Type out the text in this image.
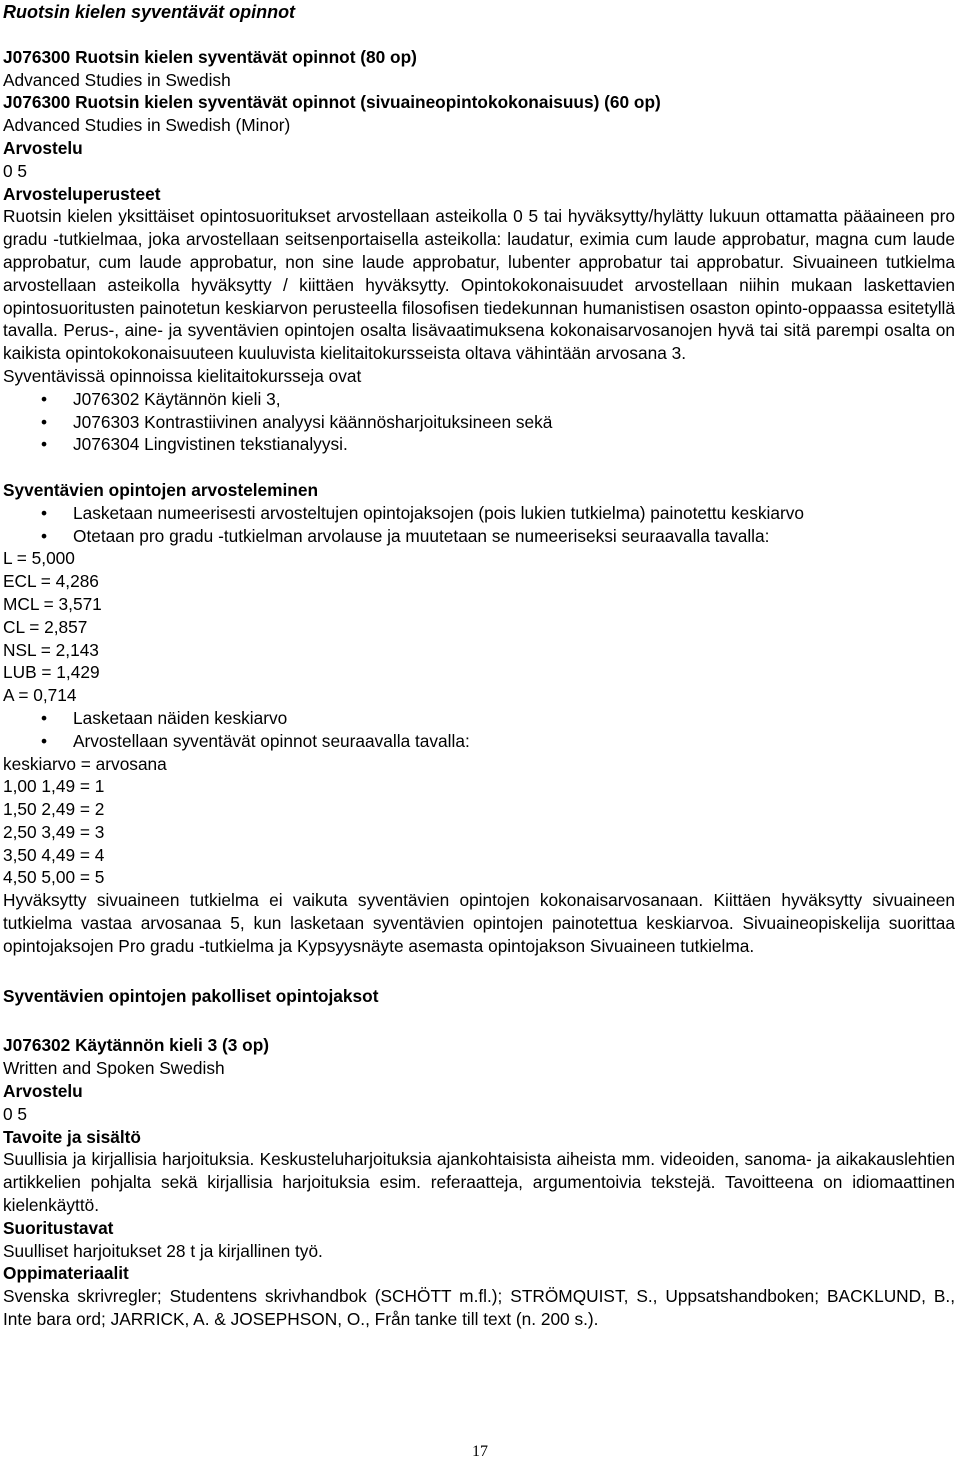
Ruotsin kielen syventävät opinnot

J076300 Ruotsin kielen syventävät opinnot (80 op)

Advanced Studies in Swedish

J076300 Ruotsin kielen syventävät opinnot (sivuaineopintokokonaisuus) (60 op)

Advanced Studies in Swedish (Minor)

Arvostelu

0 5

Arvosteluperusteet

Ruotsin kielen yksittäiset opintosuoritukset arvostellaan asteikolla 0 5 tai hyväksytty/hylätty lukuun ottamatta pääaineen pro gradu -tutkielmaa, joka arvostellaan seitsenportaisella asteikolla: laudatur, eximia cum laude approbatur, magna cum laude approbatur, cum laude approbatur, non sine laude approbatur, lubenter approbatur tai approbatur. Sivuaineen tutkielma arvostellaan asteikolla hyväksytty / kiittäen hyväksytty. Opintokokonaisuudet arvostellaan niihin mukaan laskettavien opintosuoritusten painotetun keskiarvon perusteella filosofisen tiedekunnan humanistisen osaston opinto-oppaassa esitetyllä tavalla. Perus-, aine- ja syventävien opintojen osalta lisävaatimuksena kokonaisarvosanojen hyvä tai sitä parempi osalta on kaikista opintokokonaisuuteen kuuluvista kielitaitokursseista oltava vähintään arvosana 3.

Syventävissä opinnoissa kielitaitokursseja ovat

• J076302 Käytännön kieli 3,
• J076303 Kontrastiivinen analyysi käännösharjoituksineen sekä
• J076304 Lingvistinen tekstianalyysi.

Syventävien opintojen arvosteleminen

• Lasketaan numeerisesti arvosteltujen opintojaksojen (pois lukien tutkielma) painotettu keskiarvo
• Otetaan pro gradu -tutkielman arvolause ja muutetaan se numeeriseksi seuraavalla tavalla:

L = 5,000

ECL = 4,286

MCL = 3,571

CL = 2,857

NSL = 2,143

LUB = 1,429

A = 0,714

• Lasketaan näiden keskiarvo
• Arvostellaan syventävät opinnot seuraavalla tavalla:

keskiarvo = arvosana

1,00 1,49 = 1

1,50 2,49 = 2

2,50 3,49 = 3

3,50 4,49 = 4

4,50 5,00 = 5

Hyväksytty sivuaineen tutkielma ei vaikuta syventävien opintojen kokonaisarvosanaan. Kiittäen hyväksytty sivuaineen tutkielma vastaa arvosanaa 5, kun lasketaan syventävien opintojen painotettua keskiarvoa. Sivuaineopiskelija suorittaa opintojaksojen Pro gradu -tutkielma ja Kypsyysnäyte asemasta opintojakson Sivuaineen tutkielma.

Syventävien opintojen pakolliset opintojaksot

J076302 Käytännön kieli 3 (3 op)

Written and Spoken Swedish

Arvostelu

0 5

Tavoite ja sisältö

Suullisia ja kirjallisia harjoituksia. Keskusteluharjoituksia ajankohtaisista aiheista mm. videoiden, sanoma- ja aikakauslehtien artikkelien pohjalta sekä kirjallisia harjoituksia esim. referaatteja, argumentoivia tekstejä. Tavoitteena on idiomaattinen kielenkäyttö.

Suoritustavat

Suulliset harjoitukset 28 t ja kirjallinen työ.

Oppimateriaalit

Svenska skrivregler; Studentens skrivhandbok (SCHÖTT m.fl.); STRÖMQUIST, S., Uppsatshandboken; BACKLUND, B., Inte bara ord; JARRICK, A. & JOSEPHSON, O., Från tanke till text (n. 200 s.).

17
